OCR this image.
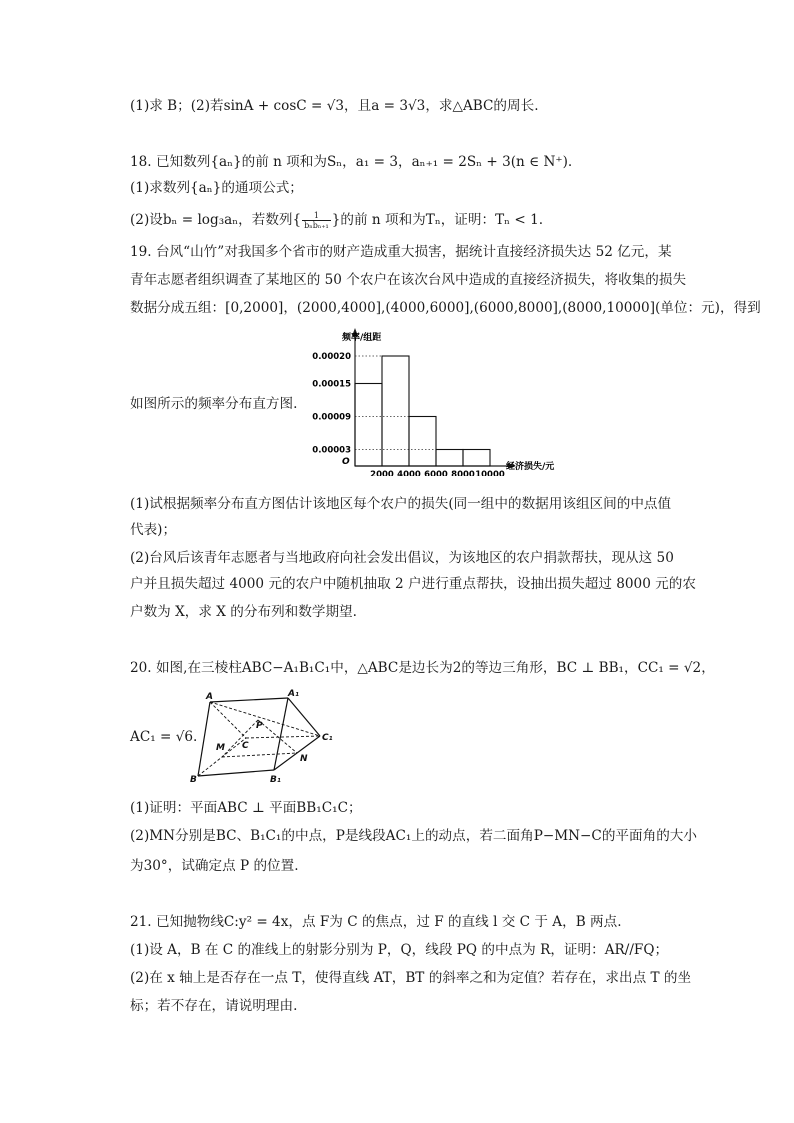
(1)求 B；(2)若sinA + cosC = √3，且a = 3√3，求△ABC的周长.
18. 已知数列{aₙ}的前 n 项和为Sₙ，a₁ = 3，aₙ₊₁ = 2Sₙ + 3(n ∈ N⁺).
(1)求数列{aₙ}的通项公式；
(2)设bₙ = log₃aₙ，若数列{ $\frac{1}{\text{bₙbₙ₊₁}}$ }的前 n 项和为Tₙ，证明：Tₙ < 1.
19. 台风“山竹”对我国多个省市的财产造成重大损害，据统计直接经济损失达 52 亿元，某
青年志愿者组织调查了某地区的 50 个农户在该次台风中造成的直接经济损失，将收集的损失
数据分成五组：[0,2000]，(2000,4000],(4000,6000],(6000,8000],(8000,10000](单位：元)，得到
如图所示的频率分布直方图.
频率/组距
经济损失/元
O
0.00020
0.00015
0.00009
0.00003
2000 4000 6000 8000 10000
(1)试根据频率分布直方图估计该地区每个农户的损失(同一组中的数据用该组区间的中点值
代表)；
(2)台风后该青年志愿者与当地政府向社会发出倡议，为该地区的农户捐款帮扶，现从这 50
户并且损失超过 4000 元的农户中随机抽取 2 户进行重点帮扶，设抽出损失超过 8000 元的农
户数为 X，求 X 的分布列和数学期望.
20. 如图,在三棱柱ABC−A₁B₁C₁中，△ABC是边长为2的等边三角形，BC ⊥ BB₁，CC₁ = √2，
AC₁ = √6.
A	A₁
P
C
C₁
M
N
B	B₁
(1)证明：平面ABC ⊥ 平面BB₁C₁C；
(2)MN分别是BC、B₁C₁的中点，P是线段AC₁上的动点，若二面角P−MN−C的平面角的大小
为30°，试确定点 P 的位置.
21. 已知抛物线C:y² = 4x，点 F为 C 的焦点，过 F 的直线 l 交 C 于 A，B 两点.
(1)设 A，B 在 C 的准线上的射影分别为 P，Q，线段 PQ 的中点为 R，证明：AR//FQ；
(2)在 x 轴上是否存在一点 T，使得直线 AT，BT 的斜率之和为定值？若存在，求出点 T 的坐
标；若不存在，请说明理由.
